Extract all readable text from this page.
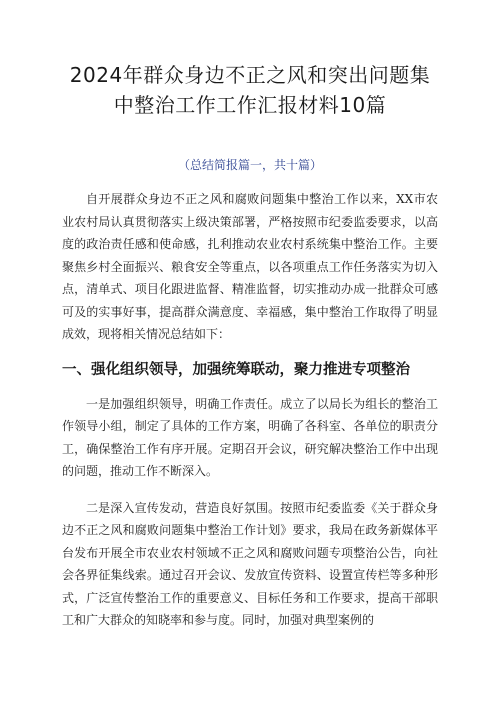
2024年群众身边不正之风和突出问题集中整治工作工作汇报材料10篇
（总结简报篇一，共十篇）

自开展群众身边不正之风和腐败问题集中整治工作以来，XX市农业农村局认真贯彻落实上级决策部署，严格按照市纪委监委要求，以高度的政治责任感和使命感，扎利推动农业农村系统集中整治工作。主要聚焦乡村全面振兴、粮食安全等重点，以各项重点工作任务落实为切入点，清单式、项目化跟进监督、精准监督，切实推动办成一批群众可感可及的实事好事，提高群众满意度、幸福感，集中整治工作取得了明显成效，现将相关情况总结如下：

一、强化组织领导，加强统筹联动，聚力推进专项整治

一是加强组织领导，明确工作责任。成立了以局长为组长的整治工作领导小组，制定了具体的工作方案，明确了各科室、各单位的职责分工，确保整治工作有序开展。定期召开会议，研究解决整治工作中出现的问题，推动工作不断深入。

二是深入宣传发动，营造良好氛围。按照市纪委监委《关于群众身边不正之风和腐败问题集中整治工作计划》要求，我局在政务新媒体平台发布开展全市农业农村领域不正之风和腐败问题专项整治公告，向社会各界征集线索。通过召开会议、发放宣传资料、设置宣传栏等多种形式，广泛宣传整治工作的重要意义、目标任务和工作要求，提高干部职工和广大群众的知晓率和参与度。同时，加强对典型案例的
